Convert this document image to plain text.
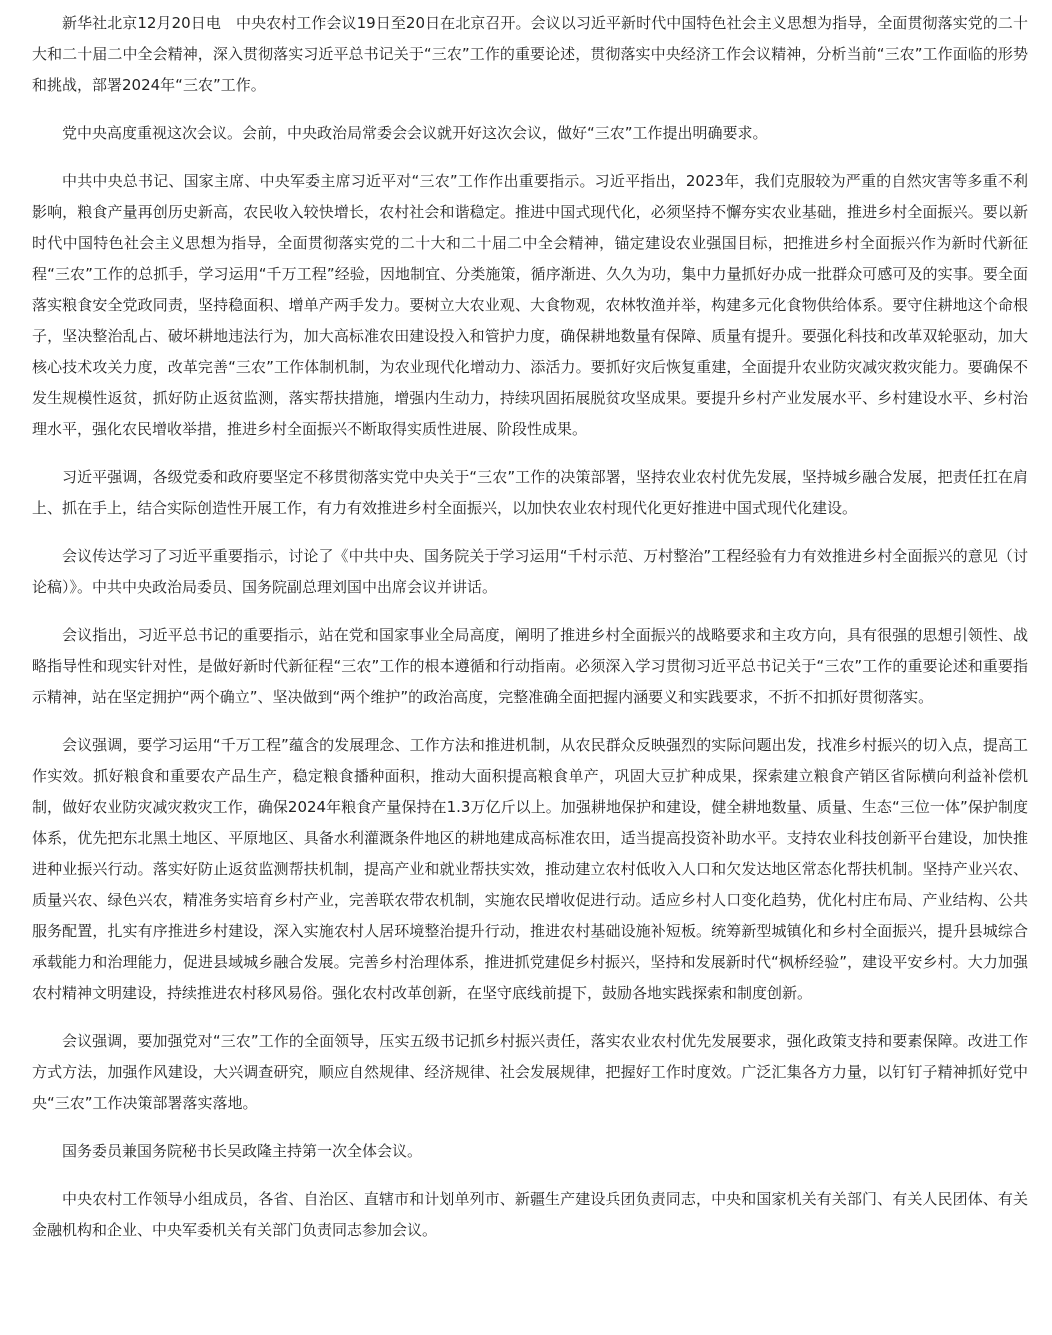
新华社北京12月20日电　中央农村工作会议19日至20日在北京召开。会议以习近平新时代中国特色社会主义思想为指导，全面贯彻落实党的二十大和二十届二中全会精神，深入贯彻落实习近平总书记关于“三农”工作的重要论述，贯彻落实中央经济工作会议精神，分析当前“三农”工作面临的形势和挑战，部署2024年“三农”工作。

党中央高度重视这次会议。会前，中央政治局常委会会议就开好这次会议，做好“三农”工作提出明确要求。

中共中央总书记、国家主席、中央军委主席习近平对“三农”工作作出重要指示。习近平指出，2023年，我们克服较为严重的自然灾害等多重不利影响，粮食产量再创历史新高，农民收入较快增长，农村社会和谐稳定。推进中国式现代化，必须坚持不懈夯实农业基础，推进乡村全面振兴。要以新时代中国特色社会主义思想为指导，全面贯彻落实党的二十大和二十届二中全会精神，锚定建设农业强国目标，把推进乡村全面振兴作为新时代新征程“三农”工作的总抓手，学习运用“千万工程”经验，因地制宜、分类施策，循序渐进、久久为功，集中力量抓好办成一批群众可感可及的实事。要全面落实粮食安全党政同责，坚持稳面积、增单产两手发力。要树立大农业观、大食物观，农林牧渔并举，构建多元化食物供给体系。要守住耕地这个命根子，坚决整治乱占、破坏耕地违法行为，加大高标准农田建设投入和管护力度，确保耕地数量有保障、质量有提升。要强化科技和改革双轮驱动，加大核心技术攻关力度，改革完善“三农”工作体制机制，为农业现代化增动力、添活力。要抓好灾后恢复重建，全面提升农业防灾减灾救灾能力。要确保不发生规模性返贫，抓好防止返贫监测，落实帮扶措施，增强内生动力，持续巩固拓展脱贫攻坚成果。要提升乡村产业发展水平、乡村建设水平、乡村治理水平，强化农民增收举措，推进乡村全面振兴不断取得实质性进展、阶段性成果。

习近平强调，各级党委和政府要坚定不移贯彻落实党中央关于“三农”工作的决策部署，坚持农业农村优先发展，坚持城乡融合发展，把责任扛在肩上、抓在手上，结合实际创造性开展工作，有力有效推进乡村全面振兴，以加快农业农村现代化更好推进中国式现代化建设。

会议传达学习了习近平重要指示，讨论了《中共中央、国务院关于学习运用“千村示范、万村整治”工程经验有力有效推进乡村全面振兴的意见（讨论稿）》。中共中央政治局委员、国务院副总理刘国中出席会议并讲话。

会议指出，习近平总书记的重要指示，站在党和国家事业全局高度，阐明了推进乡村全面振兴的战略要求和主攻方向，具有很强的思想引领性、战略指导性和现实针对性，是做好新时代新征程“三农”工作的根本遵循和行动指南。必须深入学习贯彻习近平总书记关于“三农”工作的重要论述和重要指示精神，站在坚定拥护“两个确立”、坚决做到“两个维护”的政治高度，完整准确全面把握内涵要义和实践要求，不折不扣抓好贯彻落实。

会议强调，要学习运用“千万工程”蕴含的发展理念、工作方法和推进机制，从农民群众反映强烈的实际问题出发，找准乡村振兴的切入点，提高工作实效。抓好粮食和重要农产品生产，稳定粮食播种面积，推动大面积提高粮食单产，巩固大豆扩种成果，探索建立粮食产销区省际横向利益补偿机制，做好农业防灾减灾救灾工作，确保2024年粮食产量保持在1.3万亿斤以上。加强耕地保护和建设，健全耕地数量、质量、生态“三位一体”保护制度体系，优先把东北黑土地区、平原地区、具备水利灌溉条件地区的耕地建成高标准农田，适当提高投资补助水平。支持农业科技创新平台建设，加快推进种业振兴行动。落实好防止返贫监测帮扶机制，提高产业和就业帮扶实效，推动建立农村低收入人口和欠发达地区常态化帮扶机制。坚持产业兴农、质量兴农、绿色兴农，精准务实培育乡村产业，完善联农带农机制，实施农民增收促进行动。适应乡村人口变化趋势，优化村庄布局、产业结构、公共服务配置，扎实有序推进乡村建设，深入实施农村人居环境整治提升行动，推进农村基础设施补短板。统筹新型城镇化和乡村全面振兴，提升县城综合承载能力和治理能力，促进县域城乡融合发展。完善乡村治理体系，推进抓党建促乡村振兴，坚持和发展新时代“枫桥经验”，建设平安乡村。大力加强农村精神文明建设，持续推进农村移风易俗。强化农村改革创新，在坚守底线前提下，鼓励各地实践探索和制度创新。

会议强调，要加强党对“三农”工作的全面领导，压实五级书记抓乡村振兴责任，落实农业农村优先发展要求，强化政策支持和要素保障。改进工作方式方法，加强作风建设，大兴调查研究，顺应自然规律、经济规律、社会发展规律，把握好工作时度效。广泛汇集各方力量，以钉钉子精神抓好党中央“三农”工作决策部署落实落地。

国务委员兼国务院秘书长吴政隆主持第一次全体会议。

中央农村工作领导小组成员，各省、自治区、直辖市和计划单列市、新疆生产建设兵团负责同志，中央和国家机关有关部门、有关人民团体、有关金融机构和企业、中央军委机关有关部门负责同志参加会议。
